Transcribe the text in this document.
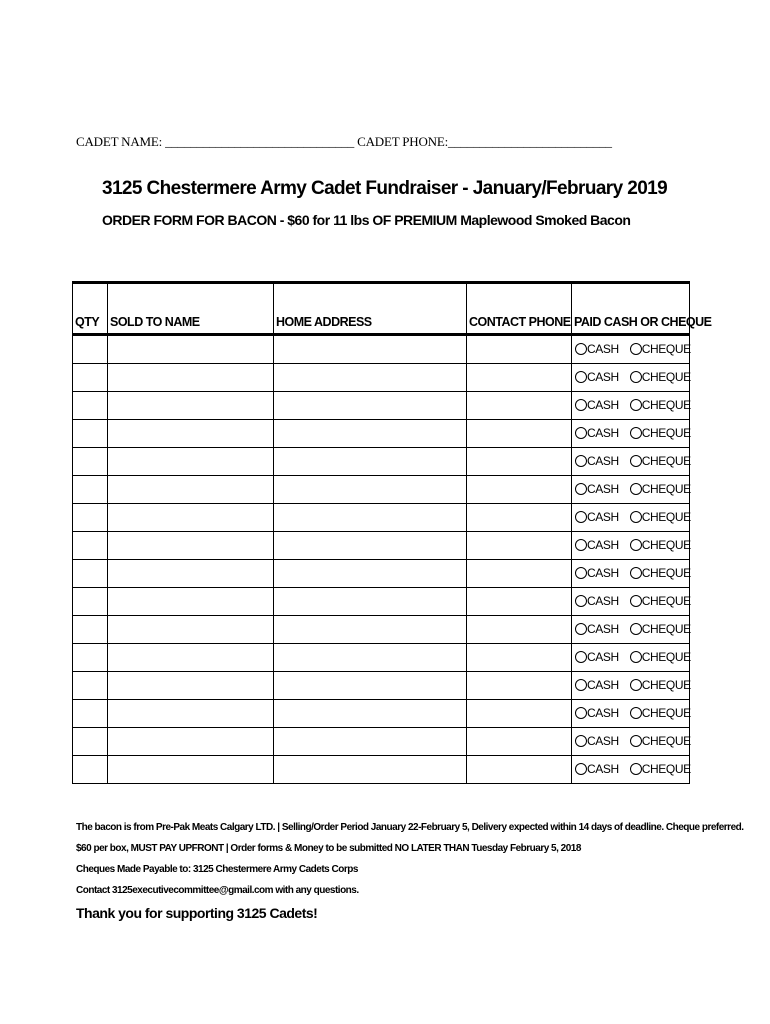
CADET NAME: ______________________________ CADET PHONE:__________________________
3125 Chestermere Army Cadet Fundraiser - January/February 2019
ORDER FORM FOR BACON - $60 for 11 lbs OF PREMIUM Maplewood Smoked Bacon
QTY	SOLD TO NAME	HOME ADDRESS	CONTACT PHONE	PAID CASH OR CHEQUE

				CASH CHEQUE

				CASH CHEQUE

				CASH CHEQUE

				CASH CHEQUE

				CASH CHEQUE

				CASH CHEQUE

				CASH CHEQUE

				CASH CHEQUE

				CASH CHEQUE

				CASH CHEQUE

				CASH CHEQUE

				CASH CHEQUE

				CASH CHEQUE

				CASH CHEQUE

				CASH CHEQUE

				CASH CHEQUE
The bacon is from Pre-Pak Meats Calgary LTD. | Selling/Order Period January 22-February 5, Delivery expected within 14 days of deadline. Cheque preferred.
$60 per box, MUST PAY UPFRONT | Order forms & Money to be submitted NO LATER THAN Tuesday February 5, 2018
Cheques Made Payable to: 3125 Chestermere Army Cadets Corps
Contact 3125executivecommittee@gmail.com with any questions.
Thank you for supporting 3125 Cadets!
